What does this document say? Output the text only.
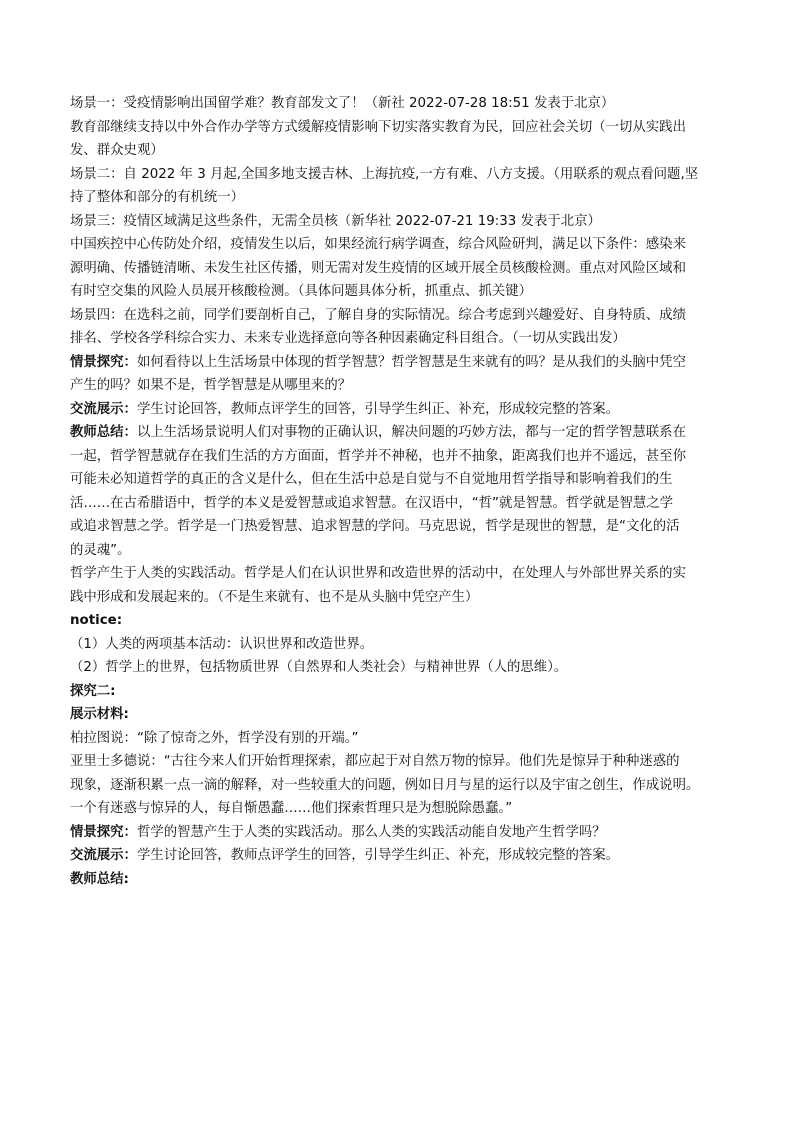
场景一：受疫情影响出国留学难？教育部发文了！（新社 2022-07-28 18:51 发表于北京）
教育部继续支持以中外合作办学等方式缓解疫情影响下切实落实教育为民，回应社会关切（一切从实践出
发、群众史观）
场景二：自 2022 年 3 月起,全国多地支援吉林、上海抗疫,一方有难、八方支援。（用联系的观点看问题,坚
持了整体和部分的有机统一）
场景三：疫情区域满足这些条件，无需全员核（新华社 2022-07-21 19:33 发表于北京）
中国疾控中心传防处介绍，疫情发生以后，如果经流行病学调查，综合风险研判，满足以下条件：感染来
源明确、传播链清晰、未发生社区传播，则无需对发生疫情的区域开展全员核酸检测。重点对风险区域和
有时空交集的风险人员展开核酸检测。（具体问题具体分析，抓重点、抓关键）
场景四：在选科之前，同学们要剖析自己，了解自身的实际情况。综合考虑到兴趣爱好、自身特质、成绩
排名、学校各学科综合实力、未来专业选择意向等各种因素确定科目组合。（一切从实践出发）
情景探究：如何看待以上生活场景中体现的哲学智慧？哲学智慧是生来就有的吗？是从我们的头脑中凭空
产生的吗？如果不是，哲学智慧是从哪里来的？
交流展示：学生讨论回答，教师点评学生的回答，引导学生纠正、补充，形成较完整的答案。
教师总结：以上生活场景说明人们对事物的正确认识，解决问题的巧妙方法，都与一定的哲学智慧联系在
一起，哲学智慧就存在我们生活的方方面面，哲学并不神秘，也并不抽象，距离我们也并不遥远，甚至你
可能未必知道哲学的真正的含义是什么，但在生活中总是自觉与不自觉地用哲学指导和影响着我们的生
活……在古希腊语中，哲学的本义是爱智慧或追求智慧。在汉语中，“哲”就是智慧。哲学就是智慧之学
或追求智慧之学。哲学是一门热爱智慧、追求智慧的学问。马克思说，哲学是现世的智慧，是“文化的活
的灵魂”。
哲学产生于人类的实践活动。哲学是人们在认识世界和改造世界的活动中，在处理人与外部世界关系的实
践中形成和发展起来的。（不是生来就有、也不是从头脑中凭空产生）
notice:
（1）人类的两项基本活动：认识世界和改造世界。
（2）哲学上的世界，包括物质世界（自然界和人类社会）与精神世界（人的思维）。
探究二:
展示材料:
柏拉图说：“除了惊奇之外，哲学没有别的开端。”
亚里士多德说：“古往今来人们开始哲理探索，都应起于对自然万物的惊异。他们先是惊异于种种迷惑的
现象，逐渐积累一点一滴的解释，对一些较重大的问题，例如日月与星的运行以及宇宙之创生，作成说明。
一个有迷惑与惊异的人，每自惭愚蠢……他们探索哲理只是为想脱除愚蠢。”
情景探究：哲学的智慧产生于人类的实践活动。那么人类的实践活动能自发地产生哲学吗？
交流展示：学生讨论回答，教师点评学生的回答，引导学生纠正、补充，形成较完整的答案。
教师总结:
